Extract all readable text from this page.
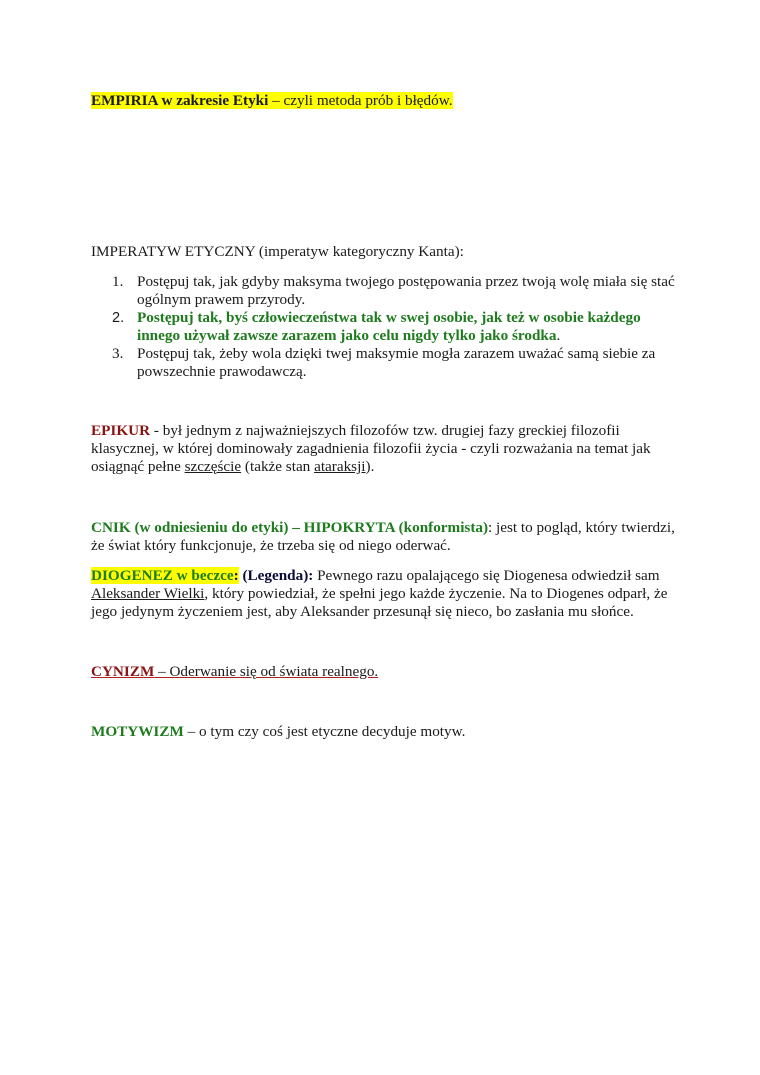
EMPIRIA w zakresie Etyki – czyli metoda prób i błędów.
IMPERATYW ETYCZNY (imperatyw kategoryczny Kanta):
1. Postępuj tak, jak gdyby maksyma twojego postępowania przez twoją wolę miała się stać ogólnym prawem przyrody.
2. Postępuj tak, byś człowieczeństwa tak w swej osobie, jak też w osobie każdego innego używał zawsze zarazem jako celu nigdy tylko jako środka.
3. Postępuj tak, żeby wola dzięki twej maksymie mogła zarazem uważać samą siebie za powszechnie prawodawczą.
EPIKUR - był jednym z najważniejszych filozofów tzw. drugiej fazy greckiej filozofii klasycznej, w której dominowały zagadnienia filozofii życia - czyli rozważania na temat jak osiągnąć pełne szczęście (także stan ataraksji).
CNIK (w odniesieniu do etyki) – HIPOKRYTA (konformista): jest to pogląd, który twierdzi, że świat który funkcjonuje, że trzeba się od niego oderwać.
DIOGENEZ w beczce: (Legenda): Pewnego razu opalającego się Diogenesa odwiedził sam Aleksander Wielki, który powiedział, że spełni jego każde życzenie. Na to Diogenes odparł, że jego jedynym życzeniem jest, aby Aleksander przesunął się nieco, bo zasłania mu słońce.
CYNIZM – Oderwanie się od świata realnego.
MOTYWIZM – o tym czy coś jest etyczne decyduje motyw.
